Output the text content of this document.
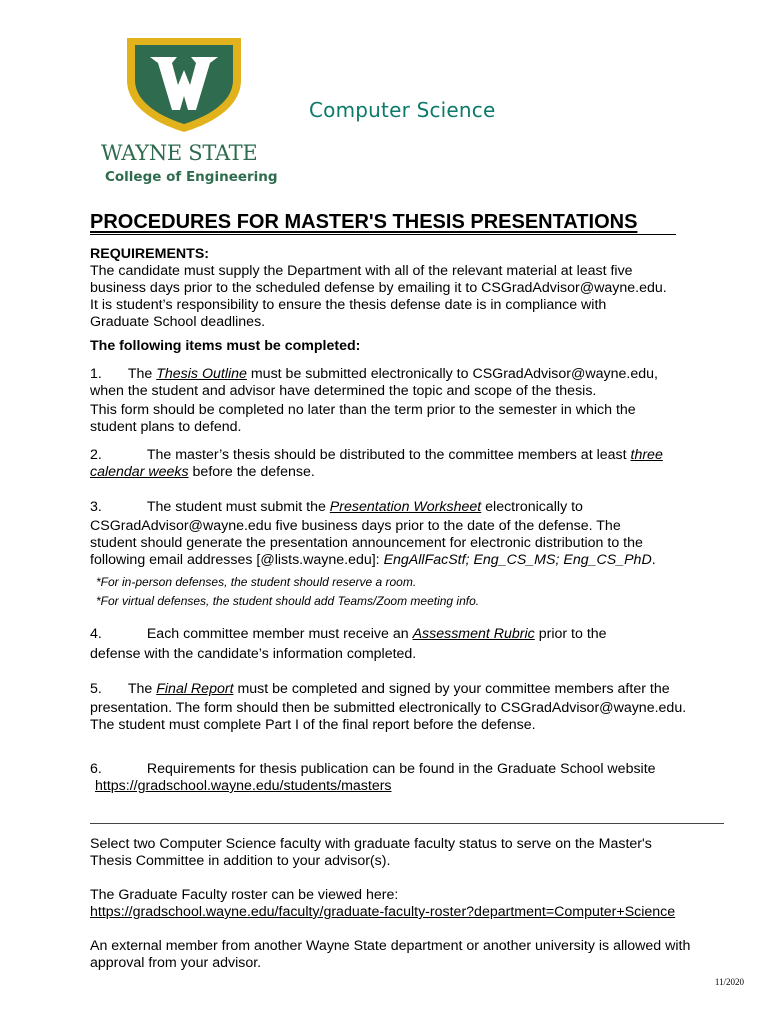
WAYNE STATE
College of Engineering
Computer Science
PROCEDURES FOR MASTER'S THESIS PRESENTATIONS
REQUIREMENTS:
The candidate must supply the Department with all of the relevant material at least five
business days prior to the scheduled defense by emailing it to CSGradAdvisor@wayne.edu.
It is student’s responsibility to ensure the thesis defense date is in compliance with
Graduate School deadlines.
The following items must be completed:
1. The Thesis Outline must be submitted electronically to CSGradAdvisor@wayne.edu,
when the student and advisor have determined the topic and scope of the thesis.
This form should be completed no later than the term prior to the semester in which the
student plans to defend.
2.	The master’s thesis should be distributed to the committee members at least three
calendar weeks before the defense.
3.	The student must submit the Presentation Worksheet electronically to
CSGradAdvisor@wayne.edu five business days prior to the date of the defense. The
student should generate the presentation announcement for electronic distribution to the
following email addresses [@lists.wayne.edu]: EngAllFacStf; Eng_CS_MS; Eng_CS_PhD.
*For in-person defenses, the student should reserve a room.
*For virtual defenses, the student should add Teams/Zoom meeting info.
4.	Each committee member must receive an Assessment Rubric prior to the
defense with the candidate’s information completed.
5. The Final Report must be completed and signed by your committee members after the
presentation. The form should then be submitted electronically to CSGradAdvisor@wayne.edu.
The student must complete Part I of the final report before the defense.
6.	Requirements for thesis publication can be found in the Graduate School website
https://gradschool.wayne.edu/students/masters
Select two Computer Science faculty with graduate faculty status to serve on the Master's
Thesis Committee in addition to your advisor(s).
The Graduate Faculty roster can be viewed here:
https://gradschool.wayne.edu/faculty/graduate-faculty-roster?department=Computer+Science
An external member from another Wayne State department or another university is allowed with
approval from your advisor.
11/2020
